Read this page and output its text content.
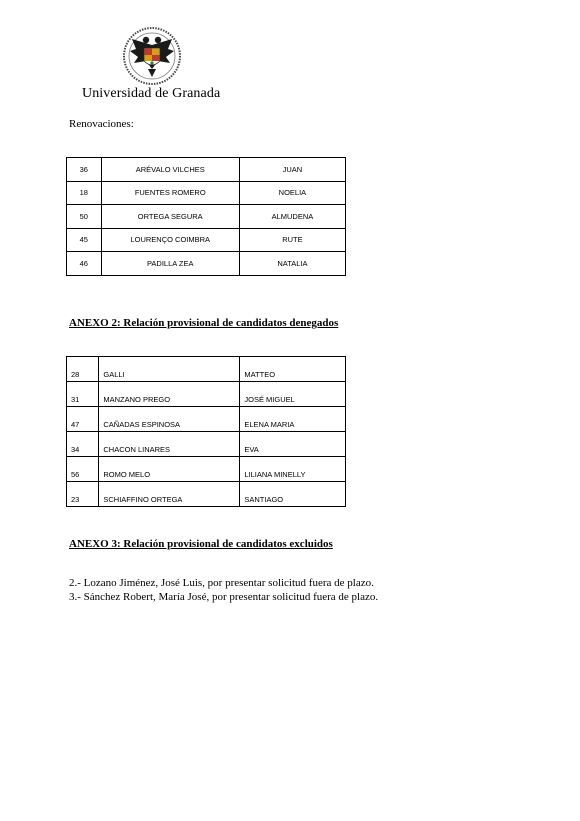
Universidad de Granada
Renovaciones:
36	ARÉVALO VILCHES	JUAN
18	FUENTES ROMERO	NOELIA
50	ORTEGA SEGURA	ALMUDENA
45	LOURENÇO COIMBRA	RUTE
46	PADILLA ZEA	NATALIA
ANEXO 2: Relación provisional de candidatos denegados
28	GALLI	MATTEO
31	MANZANO PREGO	JOSÉ MIGUEL
47	CAÑADAS ESPINOSA	ELENA MARIA
34	CHACON LINARES	EVA
56	ROMO MELO	LILIANA MINELLY
23	SCHIAFFINO ORTEGA	SANTIAGO
ANEXO 3: Relación provisional de candidatos excluidos
2.- Lozano Jiménez, José Luis, por presentar solicitud fuera de plazo.
3.- Sánchez Robert, María José, por presentar solicitud fuera de plazo.
